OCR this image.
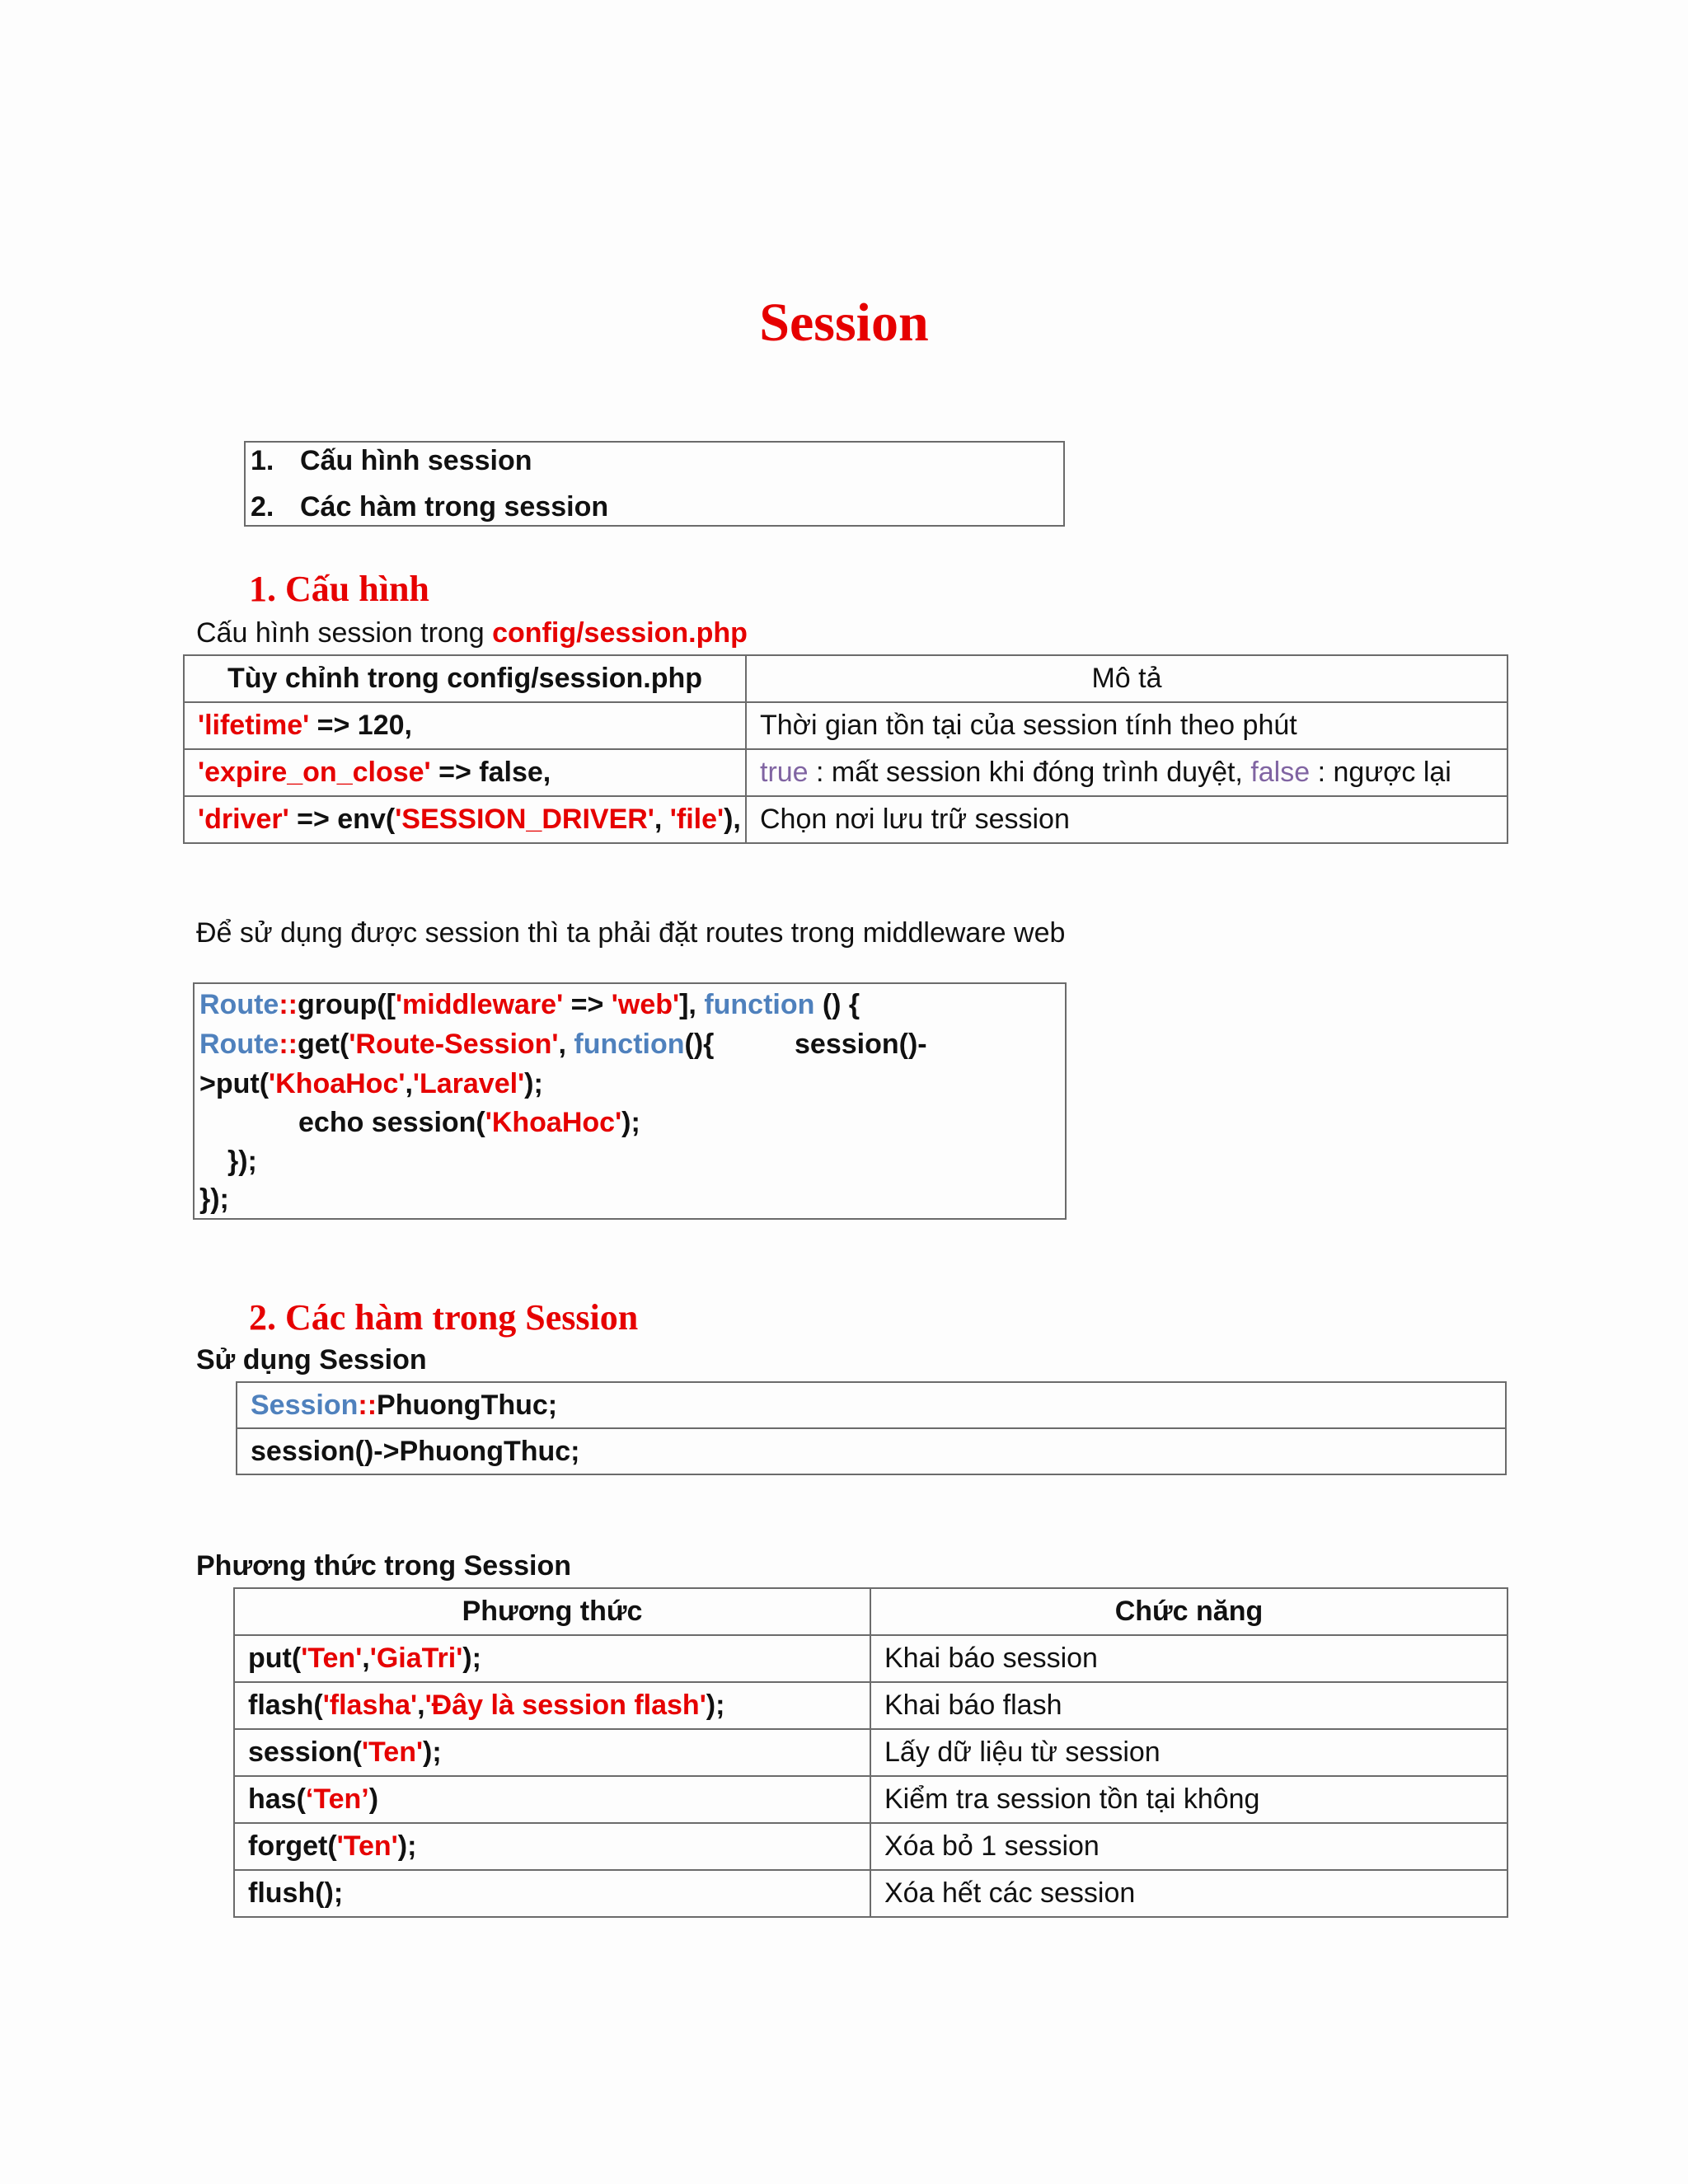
Session
1. Cấu hình session
2. Các hàm trong session
1. Cấu hình
Cấu hình session trong config/session.php
Tùy chỉnh trong config/session.php	Mô tả
'lifetime' => 120,	Thời gian tồn tại của session tính theo phút
'expire_on_close' => false,	true : mất session khi đóng trình duyệt, false : ngược lại
'driver' => env('SESSION_DRIVER', 'file'),	Chọn nơi lưu trữ session
Để sử dụng được session thì ta phải đặt routes trong middleware web
Route::group(['middleware' => 'web'], function () {
Route::get('Route-Session', function(){	session()-
>put('KhoaHoc','Laravel');
echo session('KhoaHoc');
});
});
2. Các hàm trong Session
Sử dụng Session
Session::PhuongThuc;
session()->PhuongThuc;
Phương thức trong Session
Phương thức	Chức năng
put('Ten','GiaTri');	Khai báo session
flash('flasha','Đây là session flash');	Khai báo flash
session('Ten');	Lấy dữ liệu từ session
has(‘Ten’)	Kiểm tra session tồn tại không
forget('Ten');	Xóa bỏ 1 session
flush();	Xóa hết các session
